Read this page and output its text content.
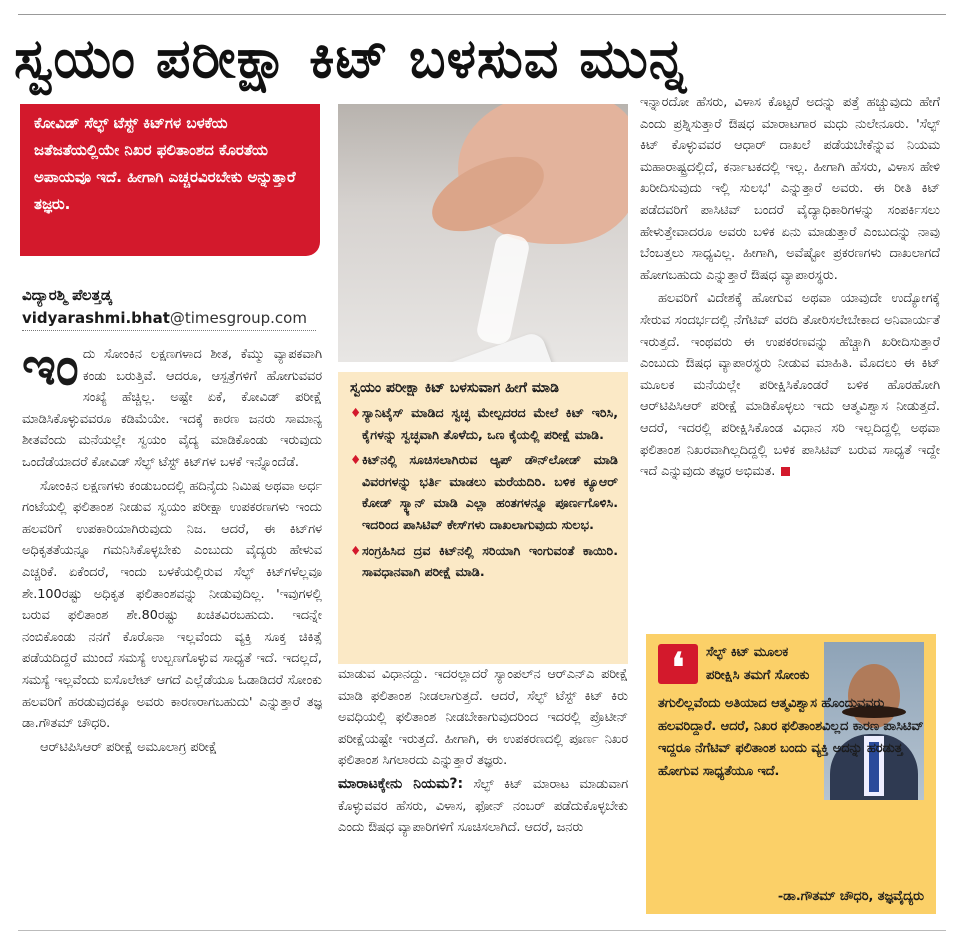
ಸ್ವಯಂ ಪರೀಕ್ಷಾ ಕಿಟ್ ಬಳಸುವ ಮುನ್ನ
ಕೋವಿಡ್ ಸೆಲ್ಫ್ ಟೆಸ್ಟ್ ಕಿಟ್‌ಗಳ ಬಳಕೆಯ ಜತೆಜತೆಯಲ್ಲಿಯೇ ನಿಖರ ಫಲಿತಾಂಶದ ಕೊರತೆಯ ಅಪಾಯವೂ ಇದೆ. ಹೀಗಾಗಿ ಎಚ್ಚರವಿರಬೇಕು ಅನ್ನುತ್ತಾರೆ ತಜ್ಞರು.
ವಿದ್ಯಾರಶ್ಮಿ ಪೆಲತ್ತಡ್ಕ
vidyarashmi.bhat@timesgroup.com

ಇಂದು ಸೋಂಕಿನ ಲಕ್ಷಣಗಳಾದ ಶೀತ, ಕೆಮ್ಮು ವ್ಯಾಪಕವಾಗಿ ಕಂಡು ಬರುತ್ತಿವೆ. ಆದರೂ, ಆಸ್ಪತ್ರೆಗಳಿಗೆ ಹೋಗುವವರ ಸಂಖ್ಯೆ ಹೆಚ್ಚಿಲ್ಲ. ಅಷ್ಟೇ ಏಕೆ, ಕೋವಿಡ್ ಪರೀಕ್ಷೆ ಮಾಡಿಸಿಕೊಳ್ಳುವವರೂ ಕಡಿಮೆಯೇ. ಇದಕ್ಕೆ ಕಾರಣ ಜನರು ಸಾಮಾನ್ಯ ಶೀತವೆಂದು ಮನೆಯಲ್ಲೇ ಸ್ವಯಂ ವೈದ್ಯ ಮಾಡಿಕೊಂಡು ಇರುವುದು ಒಂದೆಡೆಯಾದರೆ ಕೋವಿಡ್ ಸೆಲ್ಫ್ ಟೆಸ್ಟ್ ಕಿಟ್‌ಗಳ ಬಳಕೆ ಇನ್ನೊಂದೆಡೆ.

ಸೋಂಕಿನ ಲಕ್ಷಣಗಳು ಕಂಡುಬಂದಲ್ಲಿ ಹದಿನೈದು ನಿಮಿಷ ಅಥವಾ ಅರ್ಧ ಗಂಟೆಯಲ್ಲಿ ಫಲಿತಾಂಶ ನೀಡುವ ಸ್ವಯಂ ಪರೀಕ್ಷಾ ಉಪಕರಣಗಳು ಇಂದು ಹಲವರಿಗೆ ಉಪಕಾರಿಯಾಗಿರುವುದು ನಿಜ. ಆದರೆ, ಈ ಕಿಟ್‌ಗಳ ಅಧಿಕೃತತೆಯನ್ನೂ ಗಮನಿಸಿಕೊಳ್ಳಬೇಕು ಎಂಬುದು ವೈದ್ಯರು ಹೇಳುವ ಎಚ್ಚರಿಕೆ. ಏಕೆಂದರೆ, ಇಂದು ಬಳಕೆಯಲ್ಲಿರುವ ಸೆಲ್ಫ್ ಕಿಟ್‌ಗಳೆಲ್ಲವೂ ಶೇ.100ರಷ್ಟು ಅಧಿಕೃತ ಫಲಿತಾಂಶವನ್ನು ನೀಡುವುದಿಲ್ಲ. 'ಇವುಗಳಲ್ಲಿ ಬರುವ ಫಲಿತಾಂಶ ಶೇ.80ರಷ್ಟು ಖಚಿತವಿರಬಹುದು. ಇದನ್ನೇ ನಂಬಿಕೊಂಡು ನನಗೆ ಕೊರೊನಾ ಇಲ್ಲವೆಂದು ವ್ಯಕ್ತಿ ಸೂಕ್ತ ಚಿಕಿತ್ಸೆ ಪಡೆಯದಿದ್ದರೆ ಮುಂದೆ ಸಮಸ್ಯೆ ಉಲ್ಬಣಗೊಳ್ಳುವ ಸಾಧ್ಯತೆ ಇದೆ. ಇದಲ್ಲದೆ, ಸಮಸ್ಯೆ ಇಲ್ಲವೆಂದು ಐಸೊಲೇಟ್ ಆಗದೆ ಎಲ್ಲೆಡೆಯೂ ಓಡಾಡಿದರೆ ಸೋಂಕು ಹಲವರಿಗೆ ಹರಡುವುದಕ್ಕೂ ಅವರು ಕಾರಣರಾಗಬಹುದು' ಎನ್ನುತ್ತಾರೆ ತಜ್ಞ ಡಾ.ಗೌತಮ್ ಚೌಧರಿ.

ಆರ್‌ಟಿಪಿಸಿಆರ್ ಪರೀಕ್ಷೆ ಅಮೂಲಾಗ್ರ ಪರೀಕ್ಷೆ

ಸ್ವಯಂ ಪರೀಕ್ಷಾ ಕಿಟ್ ಬಳಸುವಾಗ ಹೀಗೆ ಮಾಡಿ
♦ ಸ್ಯಾನಿಟೈಸ್ ಮಾಡಿದ ಸ್ವಚ್ಛ ಮೇಲ್ಪದರದ ಮೇಲೆ ಕಿಟ್ ಇರಿಸಿ, ಕೈಗಳನ್ನು ಸ್ವಚ್ಛವಾಗಿ ತೊಳೆದು, ಒಣ ಕೈಯಲ್ಲಿ ಪರೀಕ್ಷೆ ಮಾಡಿ.
♦ ಕಿಟ್‌ನಲ್ಲಿ ಸೂಚಿಸಲಾಗಿರುವ ಆ್ಯಪ್ ಡೌನ್‌ಲೋಡ್ ಮಾಡಿ ವಿವರಗಳನ್ನು ಭರ್ತಿ ಮಾಡಲು ಮರೆಯದಿರಿ. ಬಳಿಕ ಕ್ಯೂಆರ್ ಕೋಡ್ ಸ್ಕ್ಯಾನ್ ಮಾಡಿ ಎಲ್ಲಾ ಹಂತಗಳನ್ನೂ ಪೂರ್ಣಗೊಳಿಸಿ. ಇದರಿಂದ ಪಾಸಿಟಿವ್ ಕೇಸ್‌ಗಳು ದಾಖಲಾಗುವುದು ಸುಲಭ.
♦ ಸಂಗ್ರಹಿಸಿದ ದ್ರವ ಕಿಟ್‌ನಲ್ಲಿ ಸರಿಯಾಗಿ ಇಂಗುವಂತೆ ಕಾಯಿರಿ. ಸಾವಧಾನವಾಗಿ ಪರೀಕ್ಷೆ ಮಾಡಿ.

ಮಾಡುವ ವಿಧಾನದ್ದು. ಇದರಲ್ಲಾದರೆ ಸ್ಯಾಂಪಲ್‌ನ ಆರ್‌ಎನ್‌ಎ ಪರೀಕ್ಷೆ ಮಾಡಿ ಫಲಿತಾಂಶ ನೀಡಲಾಗುತ್ತದೆ. ಆದರೆ, ಸೆಲ್ಫ್ ಟೆಸ್ಟ್ ಕಿಟ್ ಕಿರು ಅವಧಿಯಲ್ಲಿ ಫಲಿತಾಂಶ ನೀಡಬೇಕಾಗುವುದರಿಂದ ಇದರಲ್ಲಿ ಪ್ರೊಟೀನ್ ಪರೀಕ್ಷೆಯಷ್ಟೇ ಇರುತ್ತದೆ. ಹೀಗಾಗಿ, ಈ ಉಪಕರಣದಲ್ಲಿ ಪೂರ್ಣ ನಿಖರ ಫಲಿತಾಂಶ ಸಿಗಲಾರದು ಎನ್ನುತ್ತಾರೆ ತಜ್ಞರು.

ಮಾರಾಟಕ್ಕೇನು ನಿಯಮ?: ಸೆಲ್ಫ್ ಕಿಟ್ ಮಾರಾಟ ಮಾಡುವಾಗ ಕೊಳ್ಳುವವರ ಹೆಸರು, ವಿಳಾಸ, ಫೋನ್ ನಂಬರ್ ಪಡೆದುಕೊಳ್ಳಬೇಕು ಎಂದು ಔಷಧ ವ್ಯಾಪಾರಿಗಳಿಗೆ ಸೂಚಿಸಲಾಗಿದೆ. ಆದರೆ, ಜನರು

ಇನ್ನಾರದೋ ಹೆಸರು, ವಿಳಾಸ ಕೊಟ್ಟರೆ ಅದನ್ನು ಪತ್ತೆ ಹಚ್ಚುವುದು ಹೇಗೆ ಎಂದು ಪ್ರಶ್ನಿಸುತ್ತಾರೆ ಔಷಧ ಮಾರಾಟಗಾರ ಮಧು ನುಲೇನೂರು. 'ಸೆಲ್ಫ್ ಕಿಟ್ ಕೊಳ್ಳುವವರ ಆಧಾರ್ ದಾಖಲೆ ಪಡೆಯಬೇಕೆನ್ನುವ ನಿಯಮ ಮಹಾರಾಷ್ಟ್ರದಲ್ಲಿದೆ, ಕರ್ನಾಟಕದಲ್ಲಿ ಇಲ್ಲ. ಹೀಗಾಗಿ ಹೆಸರು, ವಿಳಾಸ ಹೇಳಿ ಖರೀದಿಸುವುದು ಇಲ್ಲಿ ಸುಲಭ' ಎನ್ನುತ್ತಾರೆ ಅವರು. ಈ ರೀತಿ ಕಿಟ್ ಪಡೆದವರಿಗೆ ಪಾಸಿಟಿವ್ ಬಂದರೆ ವೈದ್ಯಾಧಿಕಾರಿಗಳನ್ನು ಸಂಪರ್ಕಿಸಲು ಹೇಳುತ್ತೇವಾದರೂ ಅವರು ಬಳಿಕ ಏನು ಮಾಡುತ್ತಾರೆ ಎಂಬುದನ್ನು ನಾವು ಬೆಂಬತ್ತಲು ಸಾಧ್ಯವಿಲ್ಲ. ಹೀಗಾಗಿ, ಅವೆಷ್ಟೋ ಪ್ರಕರಣಗಳು ದಾಖಲಾಗದೆ ಹೋಗಬಹುದು ಎನ್ನುತ್ತಾರೆ ಔಷಧ ವ್ಯಾಪಾರಸ್ಥರು.

ಹಲವರಿಗೆ ವಿದೇಶಕ್ಕೆ ಹೋಗುವ ಅಥವಾ ಯಾವುದೇ ಉದ್ಯೋಗಕ್ಕೆ ಸೇರುವ ಸಂದರ್ಭದಲ್ಲಿ ನೆಗೆಟಿವ್ ವರದಿ ತೋರಿಸಲೇಬೇಕಾದ ಅನಿವಾರ್ಯತೆ ಇರುತ್ತದೆ. ಇಂಥವರು ಈ ಉಪಕರಣವನ್ನು ಹೆಚ್ಚಾಗಿ ಖರೀದಿಸುತ್ತಾರೆ ಎಂಬುದು ಔಷಧ ವ್ಯಾಪಾರಸ್ಥರು ನೀಡುವ ಮಾಹಿತಿ. ಮೊದಲು ಈ ಕಿಟ್ ಮೂಲಕ ಮನೆಯಲ್ಲೇ ಪರೀಕ್ಷಿಸಿಕೊಂಡರೆ ಬಳಿಕ ಹೊರಹೋಗಿ ಆರ್‌ಟಿಪಿಸಿಆರ್ ಪರೀಕ್ಷೆ ಮಾಡಿಕೊಳ್ಳಲು ಇದು ಆತ್ಮವಿಶ್ವಾಸ ನೀಡುತ್ತದೆ. ಆದರೆ, ಇದರಲ್ಲಿ ಪರೀಕ್ಷಿಸಿಕೊಂಡ ವಿಧಾನ ಸರಿ ಇಲ್ಲದಿದ್ದಲ್ಲಿ ಅಥವಾ ಫಲಿತಾಂಶ ನಿಖರವಾಗಿಲ್ಲದಿದ್ದಲ್ಲಿ ಬಳಿಕ ಪಾಸಿಟಿವ್ ಬರುವ ಸಾಧ್ಯತೆ ಇದ್ದೇ ಇದೆ ಎನ್ನುವುದು ತಜ್ಞರ ಅಭಿಮತ.

❛	ಸೆಲ್ಫ್ ಕಿಟ್ ಮೂಲಕ ಪರೀಕ್ಷಿಸಿ ತಮಗೆ ಸೋಂಕು
ತಗುಲಿಲ್ಲವೆಂದು ಅತಿಯಾದ ಆತ್ಮವಿಶ್ವಾಸ ಹೊಂದುವವರು ಹಲವರಿದ್ದಾರೆ. ಆದರೆ, ನಿಖರ ಫಲಿತಾಂಶವಿಲ್ಲದ ಕಾರಣ ಪಾಸಿಟಿವ್ ಇದ್ದರೂ ನೆಗೆಟಿವ್ ಫಲಿತಾಂಶ ಬಂದು ವ್ಯಕ್ತಿ ಅದನ್ನು ಹರಡುತ್ತ ಹೋಗುವ ಸಾಧ್ಯತೆಯೂ ಇದೆ.
-ಡಾ.ಗೌತಮ್ ಚೌಧರಿ, ತಜ್ಞವೈದ್ಯರು
